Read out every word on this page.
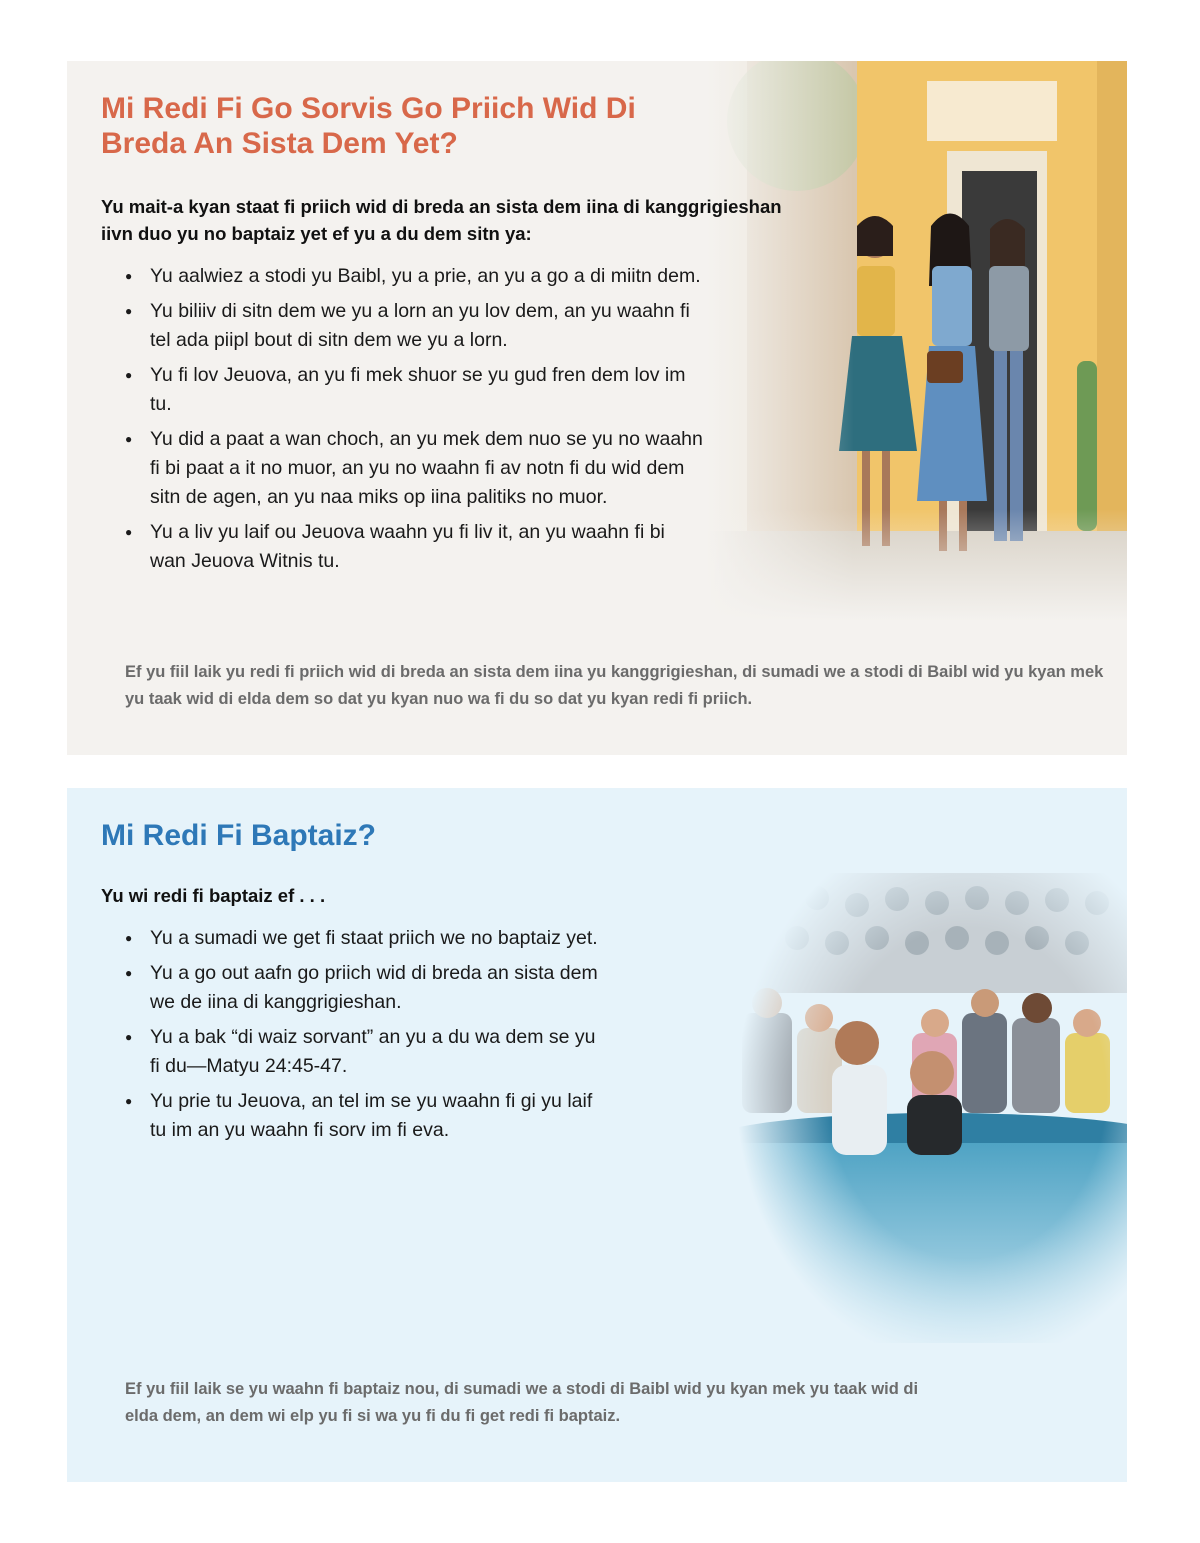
Mi Redi Fi Go Sorvis Go Priich Wid Di Breda An Sista Dem Yet?

Yu mait-a kyan staat fi priich wid di breda an sista dem iina di kanggrigieshan iivn duo yu no baptaiz yet ef yu a du dem sitn ya:

● Yu aalwiez a stodi yu Baibl, yu a prie, an yu a go a di miitn dem.
● Yu biliiv di sitn dem we yu a lorn an yu lov dem, an yu waahn fi tel ada piipl bout di sitn dem we yu a lorn.
● Yu fi lov Jeuova, an yu fi mek shuor se yu gud fren dem lov im tu.
● Yu did a paat a wan choch, an yu mek dem nuo se yu no waahn fi bi paat a it no muor, an yu no waahn fi av notn fi du wid dem sitn de agen, an yu naa miks op iina palitiks no muor.
● Yu a liv yu laif ou Jeuova waahn yu fi liv it, an yu waahn fi bi wan Jeuova Witnis tu.

Ef yu fiil laik yu redi fi priich wid di breda an sista dem iina yu kanggrigieshan, di sumadi we a stodi di Baibl wid yu kyan mek yu taak wid di elda dem so dat yu kyan nuo wa fi du so dat yu kyan redi fi priich.

Mi Redi Fi Baptaiz?

Yu wi redi fi baptaiz ef . . .

● Yu a sumadi we get fi staat priich we no baptaiz yet.
● Yu a go out aafn go priich wid di breda an sista dem we de iina di kanggrigieshan.
● Yu a bak “di waiz sorvant” an yu a du wa dem se yu fi du—Matyu 24:45-47.
● Yu prie tu Jeuova, an tel im se yu waahn fi gi yu laif tu im an yu waahn fi sorv im fi eva.

Ef yu fiil laik se yu waahn fi baptaiz nou, di sumadi we a stodi di Baibl wid yu kyan mek yu taak wid di elda dem, an dem wi elp yu fi si wa yu fi du fi get redi fi baptaiz.
